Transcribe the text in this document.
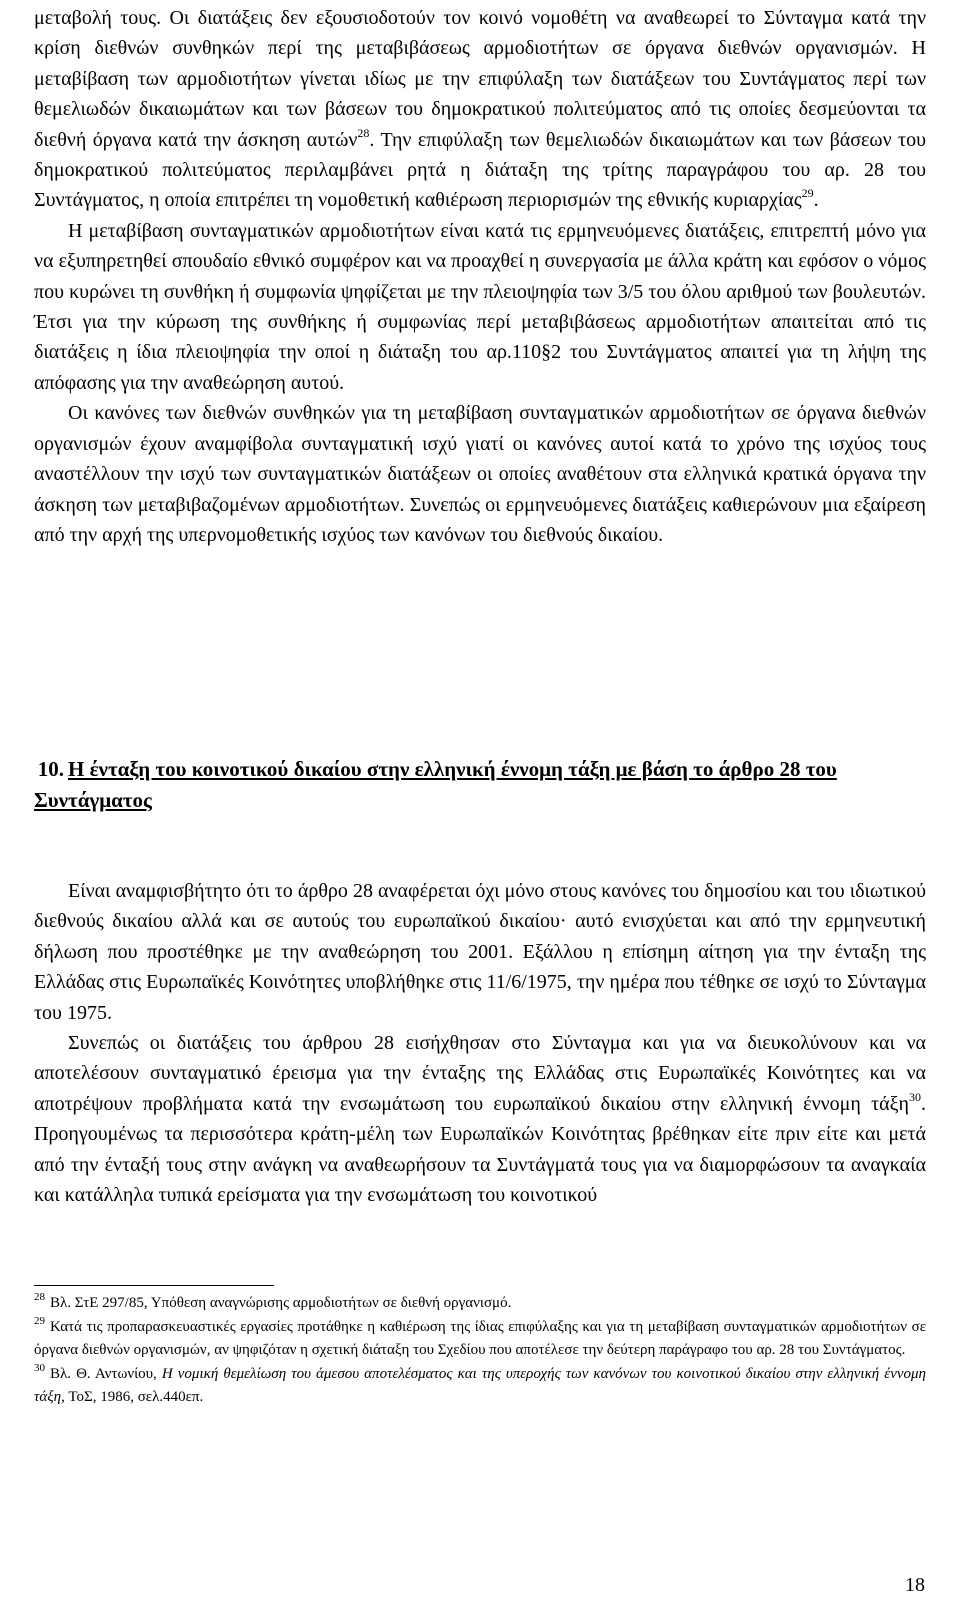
μεταβολή τους. Οι διατάξεις δεν εξουσιοδοτούν τον κοινό νομοθέτη να αναθεωρεί το Σύνταγμα κατά την κρίση διεθνών συνθηκών περί της μεταβιβάσεως αρμοδιοτήτων σε όργανα διεθνών οργανισμών. Η μεταβίβαση των αρμοδιοτήτων γίνεται ιδίως με την επιφύλαξη των διατάξεων του Συντάγματος περί των θεμελιωδών δικαιωμάτων και των βάσεων του δημοκρατικού πολιτεύματος από τις οποίες δεσμεύονται τα διεθνή όργανα κατά την άσκηση αυτών$^{28}$. Την επιφύλαξη των θεμελιωδών δικαιωμάτων και των βάσεων του δημοκρατικού πολιτεύματος περιλαμβάνει ρητά η διάταξη της τρίτης παραγράφου του αρ. 28 του Συντάγματος, η οποία επιτρέπει τη νομοθετική καθιέρωση περιορισμών της εθνικής κυριαρχίας$^{29}$.

Η μεταβίβαση συνταγματικών αρμοδιοτήτων είναι κατά τις ερμηνευόμενες διατάξεις, επιτρεπτή μόνο για να εξυπηρετηθεί σπουδαίο εθνικό συμφέρον και να προαχθεί η συνεργασία με άλλα κράτη και εφόσον ο νόμος που κυρώνει τη συνθήκη ή συμφωνία ψηφίζεται με την πλειοψηφία των 3/5 του όλου αριθμού των βουλευτών. Έτσι για την κύρωση της συνθήκης ή συμφωνίας περί μεταβιβάσεως αρμοδιοτήτων απαιτείται από τις διατάξεις η ίδια πλειοψηφία την οποί η διάταξη του αρ.110§2 του Συντάγματος απαιτεί για τη λήψη της απόφασης για την αναθεώρηση αυτού.

Οι κανόνες των διεθνών συνθηκών για τη μεταβίβαση συνταγματικών αρμοδιοτήτων σε όργανα διεθνών οργανισμών έχουν αναμφίβολα συνταγματική ισχύ γιατί οι κανόνες αυτοί κατά το χρόνο της ισχύος τους αναστέλλουν την ισχύ των συνταγματικών διατάξεων οι οποίες αναθέτουν στα ελληνικά κρατικά όργανα την άσκηση των μεταβιβαζομένων αρμοδιοτήτων. Συνεπώς οι ερμηνευόμενες διατάξεις καθιερώνουν μια εξαίρεση από την αρχή της υπερνομοθετικής ισχύος των κανόνων του διεθνούς δικαίου.

10. Η ένταξη του κοινοτικού δικαίου στην ελληνική έννομη τάξη με βάση το άρθρο 28 του Συντάγματος

Είναι αναμφισβήτητο ότι το άρθρο 28 αναφέρεται όχι μόνο στους κανόνες του δημοσίου και του ιδιωτικού διεθνούς δικαίου αλλά και σε αυτούς του ευρωπαϊκού δικαίου· αυτό ενισχύεται και από την ερμηνευτική δήλωση που προστέθηκε με την αναθεώρηση του 2001. Εξάλλου η επίσημη αίτηση για την ένταξη της Ελλάδας στις Ευρωπαϊκές Κοινότητες υποβλήθηκε στις 11/6/1975, την ημέρα που τέθηκε σε ισχύ το Σύνταγμα του 1975.

Συνεπώς οι διατάξεις του άρθρου 28 εισήχθησαν στο Σύνταγμα και για να διευκολύνουν και να αποτελέσουν συνταγματικό έρεισμα για την ένταξης της Ελλάδας στις Ευρωπαϊκές Κοινότητες και να αποτρέψουν προβλήματα κατά την ενσωμάτωση του ευρωπαϊκού δικαίου στην ελληνική έννομη τάξη$^{30}$. Προηγουμένως τα περισσότερα κράτη-μέλη των Ευρωπαϊκών Κοινότητας βρέθηκαν είτε πριν είτε και μετά από την ένταξή τους στην ανάγκη να αναθεωρήσουν τα Συντάγματά τους για να διαμορφώσουν τα αναγκαία και κατάλληλα τυπικά ερείσματα για την ενσωμάτωση του κοινοτικού

$^{28}$ Βλ. ΣτΕ 297/85, Υπόθεση αναγνώρισης αρμοδιοτήτων σε διεθνή οργανισμό.

$^{29}$ Κατά τις προπαρασκευαστικές εργασίες προτάθηκε η καθιέρωση της ίδιας επιφύλαξης και για τη μεταβίβαση συνταγματικών αρμοδιοτήτων σε όργανα διεθνών οργανισμών, αν ψηφιζόταν η σχετική διάταξη του Σχεδίου που αποτέλεσε την δεύτερη παράγραφο του αρ. 28 του Συντάγματος.

$^{30}$ Βλ. Θ. Αντωνίου, Η νομική θεμελίωση του άμεσου αποτελέσματος και της υπεροχής των κανόνων του κοινοτικού δικαίου στην ελληνική έννομη τάξη, ΤοΣ, 1986, σελ.440επ.

18
